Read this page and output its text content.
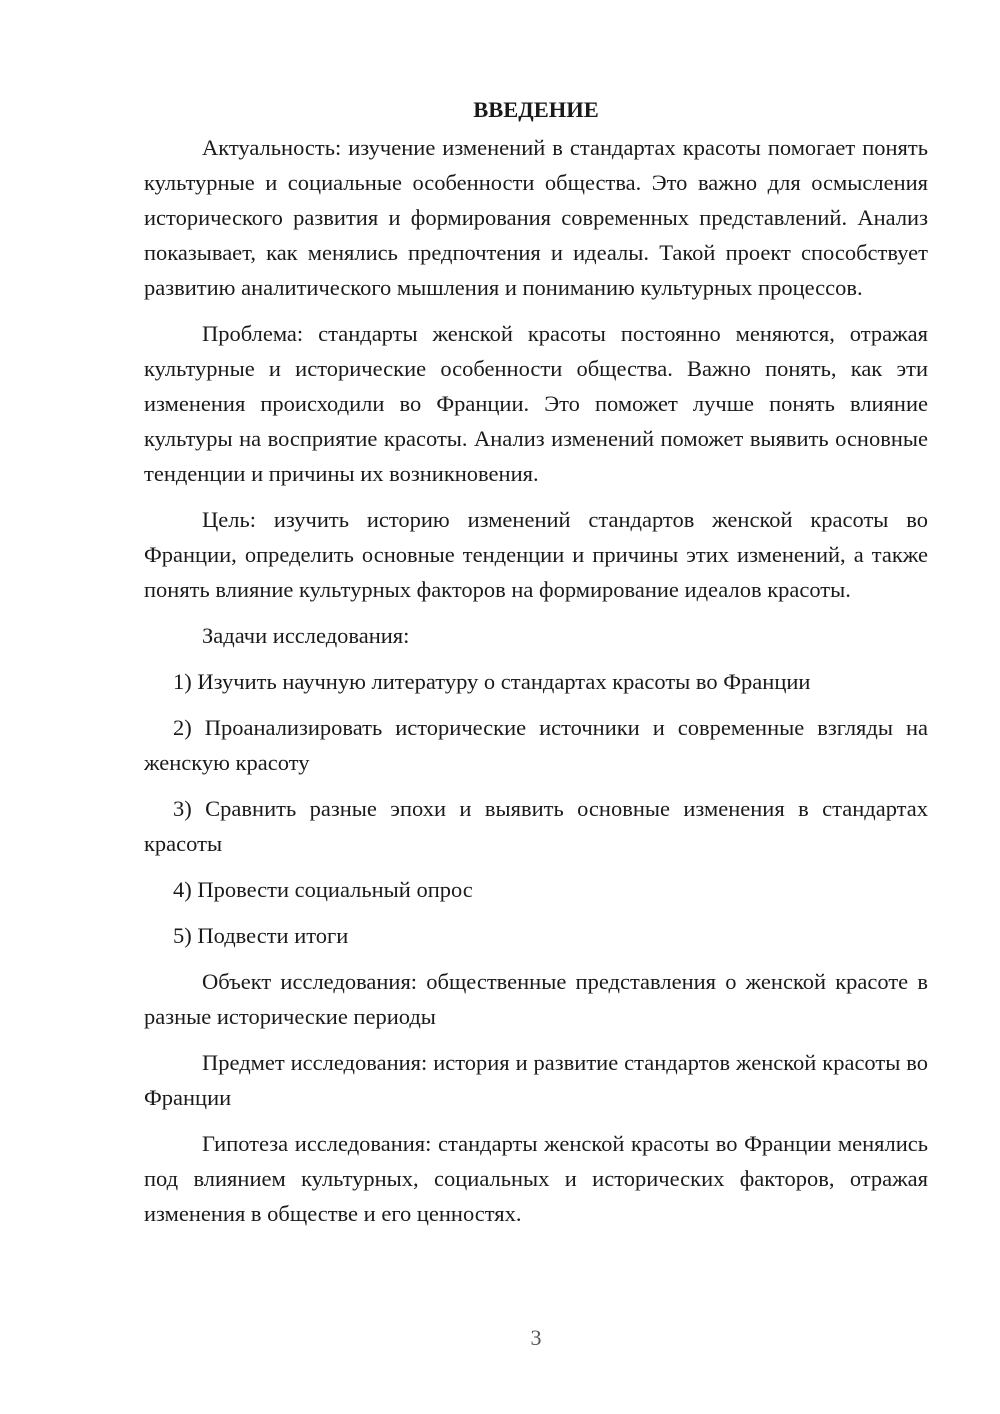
ВВЕДЕНИЕ

Актуальность: изучение изменений в стандартах красоты помогает понять культурные и социальные особенности общества. Это важно для осмысления исторического развития и формирования современных представлений. Анализ показывает, как менялись предпочтения и идеалы. Такой проект способствует развитию аналитического мышления и пониманию культурных процессов.

Проблема: стандарты женской красоты постоянно меняются, отражая культурные и исторические особенности общества. Важно понять, как эти изменения происходили во Франции. Это поможет лучше понять влияние культуры на восприятие красоты. Анализ изменений поможет выявить основные тенденции и причины их возникновения.

Цель: изучить историю изменений стандартов женской красоты во Франции, определить основные тенденции и причины этих изменений, а также понять влияние культурных факторов на формирование идеалов красоты.

Задачи исследования:

1) Изучить научную литературу о стандартах красоты во Франции

2) Проанализировать исторические источники и современные взгляды на женскую красоту

3) Сравнить разные эпохи и выявить основные изменения в стандартах красоты

4) Провести социальный опрос

5) Подвести итоги

Объект исследования: общественные представления о женской красоте в разные исторические периоды

Предмет исследования: история и развитие стандартов женской красоты во Франции

Гипотеза исследования: стандарты женской красоты во Франции менялись под влиянием культурных, социальных и исторических факторов, отражая изменения в обществе и его ценностях.

3
